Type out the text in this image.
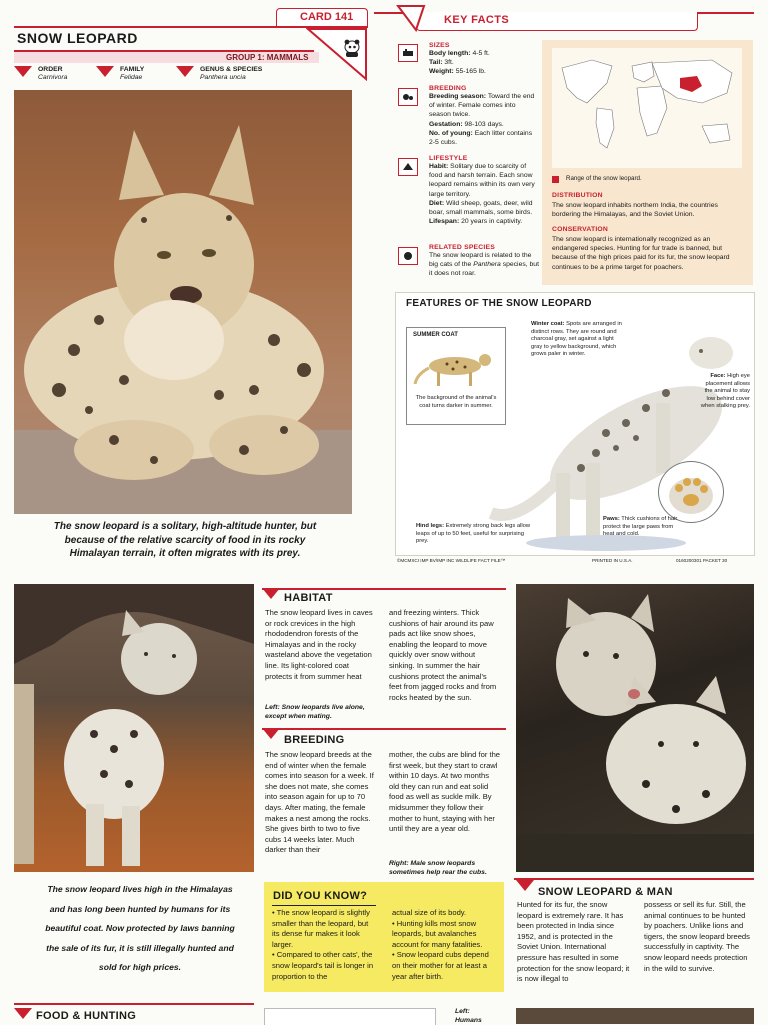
CARD 141
SNOW LEOPARD
GROUP 1: MAMMALS
ORDER
Carnivora
FAMILY
Felidae
GENUS & SPECIES
Panthera uncia
The snow leopard is a solitary, high-altitude hunter, but because of the relative scarcity of food in its rocky Himalayan terrain, it often migrates with its prey.
KEY FACTS
SIZES
Body length: 4-5 ft.
Tail: 3ft.
Weight: 55-165 lb.
BREEDING
Breeding season: Toward the end of winter. Female comes into season twice.
Gestation: 98-103 days.
No. of young: Each litter contains 2-5 cubs.
LIFESTYLE
Habit: Solitary due to scarcity of food and harsh terrain. Each snow leopard remains within its own very large territory.
Diet: Wild sheep, goats, deer, wild boar, small mammals, some birds.
Lifespan: 20 years in captivity.
RELATED SPECIES
The snow leopard is related to the big cats of the Panthera species, but it does not roar.
Range of the snow leopard.
DISTRIBUTION
The snow leopard inhabits northern India, the countries bordering the Himalayas, and the Soviet Union.
CONSERVATION
The snow leopard is internationally recognized as an endangered species. Hunting for fur trade is banned, but because of the high prices paid for its fur, the snow leopard continues to be a prime target for poachers.
FEATURES OF THE SNOW LEOPARD
SUMMER COAT
The background of the animal's coat turns darker in summer.
Winter coat: Spots are arranged in distinct rows. They are round and charcoal gray, set against a light gray to yellow background, which grows paler in winter.
Face: High eye placement allows the animal to stay low behind cover when stalking prey.
Hind legs: Extremely strong back legs allow leaps of up to 50 feet, useful for surprising prey.
Paws: Thick cushions of hair protect the large paws from heat and cold.
©MCMXCI IMP BV/IMP INC WILDLIFE FACT FILE™	PRINTED IN U.S.A.	0160200301 PACKET 30
HABITAT
The snow leopard lives in caves or rock crevices in the high rhododendron forests of the Himalayas and in the rocky wasteland above the vegetation line. Its light-colored coat protects it from summer heat
and freezing winters. Thick cushions of hair around its paw pads act like snow shoes, enabling the leopard to move quickly over snow without sinking. In summer the hair cushions protect the animal's feet from jagged rocks and from rocks heated by the sun.
Left: Snow leopards live alone, except when mating.
BREEDING
The snow leopard breeds at the end of winter when the female comes into season for a week. If she does not mate, she comes into season again for up to 70 days. After mating, the female makes a nest among the rocks. She gives birth to two to five cubs 14 weeks later. Much darker than their
mother, the cubs are blind for the first week, but they start to crawl within 10 days. At two months old they can run and eat solid food as well as suckle milk. By midsummer they follow their mother to hunt, staying with her until they are a year old.
Right: Male snow leopards sometimes help rear the cubs.
The snow leopard lives high in the Himalayas and has long been hunted by humans for its beautiful coat. Now protected by laws banning the sale of its fur, it is still illegally hunted and sold for high prices.
DID YOU KNOW?
• The snow leopard is slightly smaller than the leopard, but its dense fur makes it look larger.
• Compared to other cats', the snow leopard's tail is longer in proportion to the
actual size of its body.
• Hunting kills most snow leopards, but avalanches account for many fatalities.
• Snow leopard cubs depend on their mother for at least a year after birth.
SNOW LEOPARD & MAN
Hunted for its fur, the snow leopard is extremely rare. It has been protected in India since 1952, and is protected in the Soviet Union. International pressure has resulted in some protection for the snow leopard; it is now illegal to
possess or sell its fur. Still, the animal continues to be hunted by poachers. Unlike lions and tigers, the snow leopard breeds successfully in captivity. The snow leopard needs protection in the wild to survive.
FOOD & HUNTING	Left:
Humans
